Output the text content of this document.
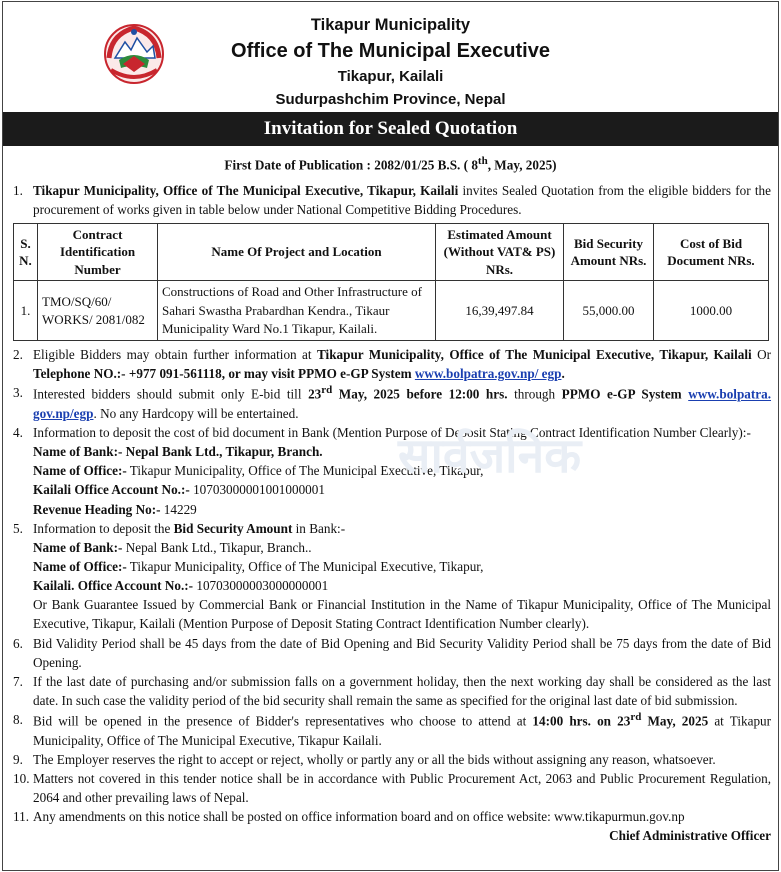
Tikapur Municipality
Office of The Municipal Executive
Tikapur, Kailali
Sudurpashchim Province, Nepal
Invitation for Sealed Quotation
First Date of Publication : 2082/01/25 B.S. ( 8th, May, 2025)
1. Tikapur Municipality, Office of The Municipal Executive, Tikapur, Kailali invites Sealed Quotation from the eligible bidders for the procurement of works given in table below under National Competitive Bidding Procedures.
S. N.	Contract Identification Number	Name Of Project and Location	Estimated Amount (Without VAT& PS) NRs.	Bid Security Amount NRs.	Cost of Bid Document NRs.
1.	TMO/SQ/60/ WORKS/ 2081/082	Constructions of Road and Other Infrastructure of Sahari Swastha Prabardhan Kendra., Tikaur Municipality Ward No.1 Tikapur, Kailali.	16,39,497.84	55,000.00	1000.00
2. Eligible Bidders may obtain further information at Tikapur Municipality, Office of The Municipal Executive, Tikapur, Kailali Or Telephone NO.:- +977 091-561118, or may visit PPMO e-GP System www.bolpatra.gov.np/ egp.
3. Interested bidders should submit only E-bid till 23rd May, 2025 before 12:00 hrs. through PPMO e-GP System www.bolpatra. gov.np/egp. No any Hardcopy will be entertained.
4. Information to deposit the cost of bid document in Bank (Mention Purpose of Deposit Stating Contract Identification Number Clearly):-
Name of Bank:- Nepal Bank Ltd., Tikapur, Branch.
Name of Office:- Tikapur Municipality, Office of The Municipal Executive, Tikapur,
Kailali Office Account No.:- 10703000001001000001
Revenue Heading No:- 14229
5. Information to deposit the Bid Security Amount in Bank:-
Name of Bank:- Nepal Bank Ltd., Tikapur, Branch..
Name of Office:- Tikapur Municipality, Office of The Municipal Executive, Tikapur,
Kailali. Office Account No.:- 10703000003000000001
Or Bank Guarantee Issued by Commercial Bank or Financial Institution in the Name of Tikapur Municipality, Office of The Municipal Executive, Tikapur, Kailali (Mention Purpose of Deposit Stating Contract Identification Number clearly).
6. Bid Validity Period shall be 45 days from the date of Bid Opening and Bid Security Validity Period shall be 75 days from the date of Bid Opening.
7. If the last date of purchasing and/or submission falls on a government holiday, then the next working day shall be considered as the last date. In such case the validity period of the bid security shall remain the same as specified for the original last date of bid submission.
8. Bid will be opened in the presence of Bidder's representatives who choose to attend at 14:00 hrs. on 23rd May, 2025 at Tikapur Municipality, Office of The Municipal Executive, Tikapur Kailali.
9. The Employer reserves the right to accept or reject, wholly or partly any or all the bids without assigning any reason, whatsoever.
10. Matters not covered in this tender notice shall be in accordance with Public Procurement Act, 2063 and Public Procurement Regulation, 2064 and other prevailing laws of Nepal.
11. Any amendments on this notice shall be posted on office information board and on office website: www.tikapurmun.gov.np
Chief Administrative Officer
सार्वजनिक
